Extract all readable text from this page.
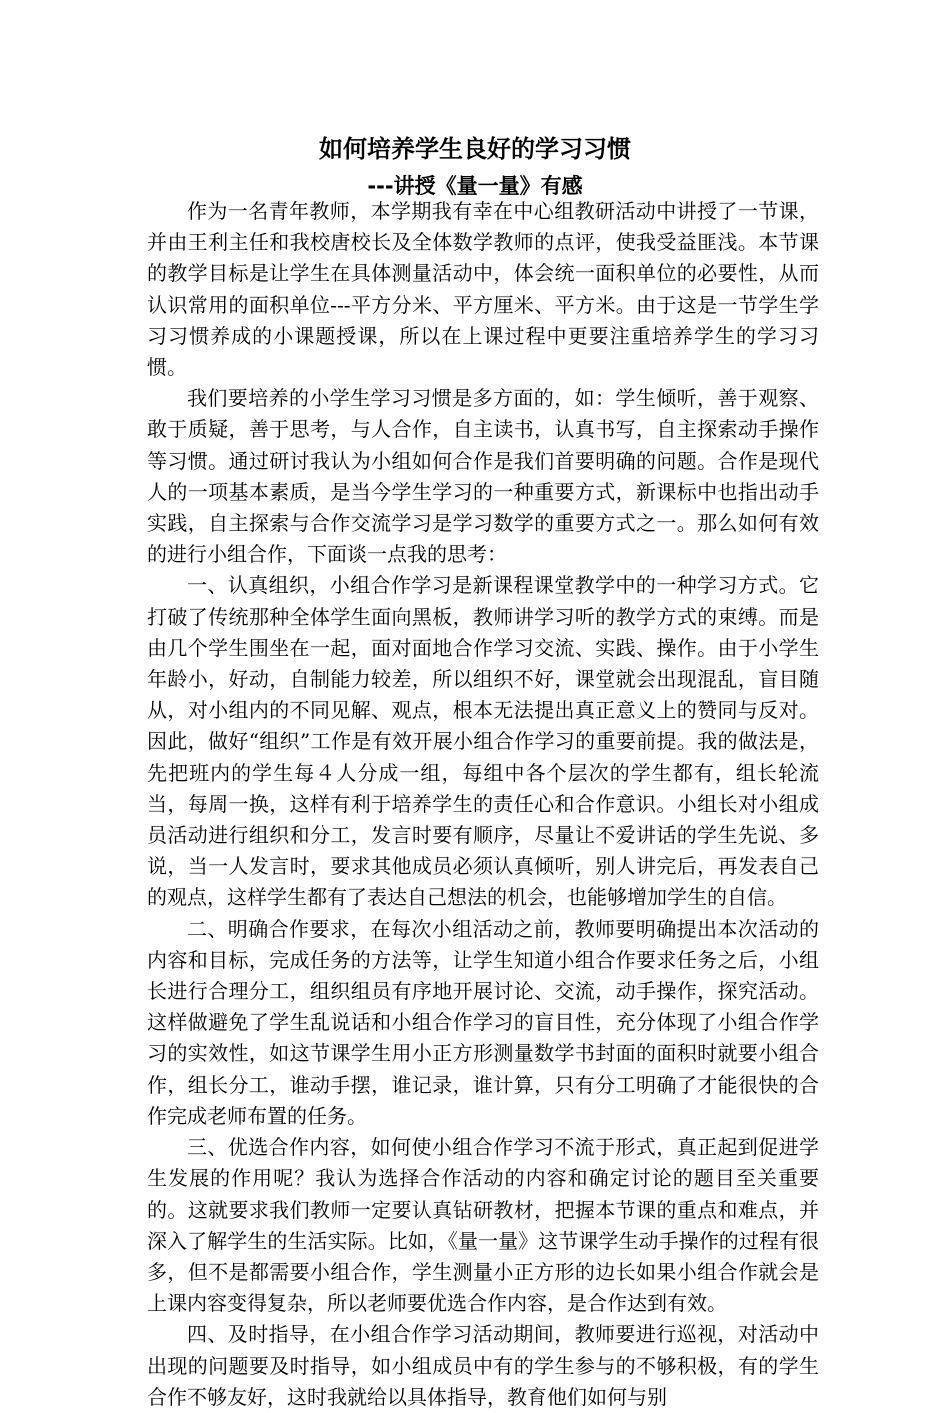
如何培养学生良好的学习习惯
---讲授《量一量》有感

作为一名青年教师，本学期我有幸在中心组教研活动中讲授了一节课，并由王利主任和我校唐校长及全体数学教师的点评，使我受益匪浅。本节课的教学目标是让学生在具体测量活动中，体会统一面积单位的必要性，从而认识常用的面积单位---平方分米、平方厘米、平方米。由于这是一节学生学习习惯养成的小课题授课，所以在上课过程中更要注重培养学生的学习习惯。

我们要培养的小学生学习习惯是多方面的，如：学生倾听，善于观察、敢于质疑，善于思考，与人合作，自主读书，认真书写，自主探索动手操作等习惯。通过研讨我认为小组如何合作是我们首要明确的问题。合作是现代人的一项基本素质，是当今学生学习的一种重要方式，新课标中也指出动手实践，自主探索与合作交流学习是学习数学的重要方式之一。那么如何有效的进行小组合作，下面谈一点我的思考：

一、认真组织，小组合作学习是新课程课堂教学中的一种学习方式。它打破了传统那种全体学生面向黑板，教师讲学习听的教学方式的束缚。而是由几个学生围坐在一起，面对面地合作学习交流、实践、操作。由于小学生年龄小，好动，自制能力较差，所以组织不好，课堂就会出现混乱，盲目随从，对小组内的不同见解、观点，根本无法提出真正意义上的赞同与反对。因此，做好“组织”工作是有效开展小组合作学习的重要前提。我的做法是，先把班内的学生每４人分成一组，每组中各个层次的学生都有，组长轮流当，每周一换，这样有利于培养学生的责任心和合作意识。小组长对小组成员活动进行组织和分工，发言时要有顺序，尽量让不爱讲话的学生先说、多说，当一人发言时，要求其他成员必须认真倾听，别人讲完后，再发表自己的观点，这样学生都有了表达自己想法的机会，也能够增加学生的自信。

二、明确合作要求，在每次小组活动之前，教师要明确提出本次活动的内容和目标，完成任务的方法等，让学生知道小组合作要求任务之后，小组长进行合理分工，组织组员有序地开展讨论、交流，动手操作，探究活动。这样做避免了学生乱说话和小组合作学习的盲目性，充分体现了小组合作学习的实效性，如这节课学生用小正方形测量数学书封面的面积时就要小组合作，组长分工，谁动手摆，谁记录，谁计算，只有分工明确了才能很快的合作完成老师布置的任务。

三、优选合作内容，如何使小组合作学习不流于形式，真正起到促进学生发展的作用呢？我认为选择合作活动的内容和确定讨论的题目至关重要的。这就要求我们教师一定要认真钻研教材，把握本节课的重点和难点，并深入了解学生的生活实际。比如，《量一量》这节课学生动手操作的过程有很多，但不是都需要小组合作，学生测量小正方形的边长如果小组合作就会是上课内容变得复杂，所以老师要优选合作内容，是合作达到有效。

四、及时指导，在小组合作学习活动期间，教师要进行巡视，对活动中出现的问题要及时指导，如小组成员中有的学生参与的不够积极，有的学生合作不够友好，这时我就给以具体指导，教育他们如何与别
